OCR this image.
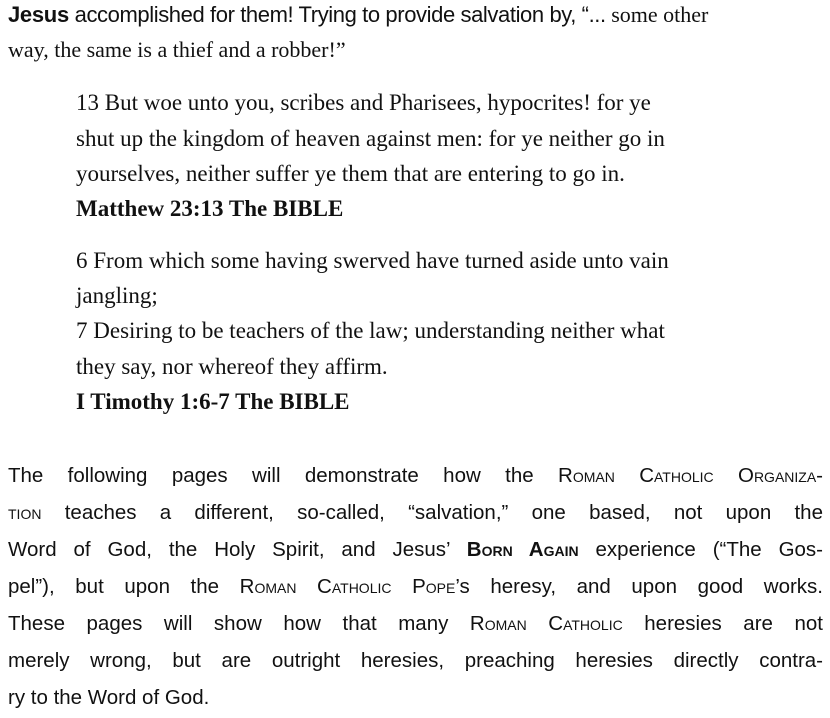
Jesus accomplished for them! Trying to provide salvation by, “... some other
way, the same is a thief and a robber!”
13 But woe unto you, scribes and Pharisees, hypocrites! for ye
shut up the kingdom of heaven against men: for ye neither go in
yourselves, neither suffer ye them that are entering to go in.
Matthew 23:13 The BIBLE
6 From which some having swerved have turned aside unto vain
jangling;
7 Desiring to be teachers of the law; understanding neither what
they say, nor whereof they affirm.
I Timothy 1:6-7 The BIBLE
The following pages will demonstrate how the Roman Catholic Organiza-
tion teaches a different, so-called, “salvation,” one based, not upon the
Word of God, the Holy Spirit, and Jesus’ Born Again experience (“The Gos-
pel”), but upon the Roman Catholic Pope’s heresy, and upon good works.
These pages will show how that many Roman Catholic heresies are not
merely wrong, but are outright heresies, preaching heresies directly contra-
ry to the Word of God.
